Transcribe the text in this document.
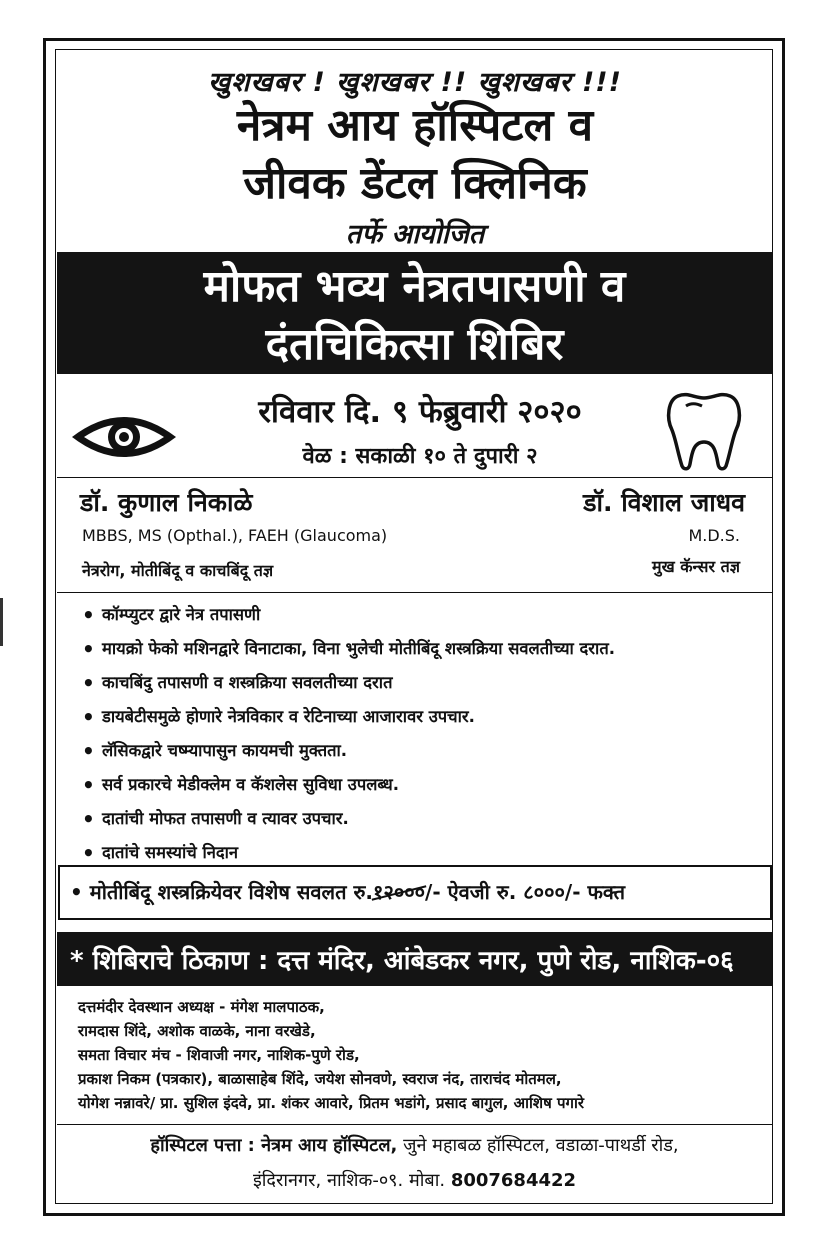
खुशखबर ! खुशखबर !! खुशखबर !!!
नेत्रम आय हॉस्पिटल व
जीवक डेंटल क्लिनिक
तर्फे आयोजित
मोफत भव्य नेत्रतपासणी व
दंतचिकित्सा शिबिर
रविवार दि. ९ फेब्रुवारी २०२०
वेळ : सकाळी १० ते दुपारी २
डॉ. कुणाल निकाळे
MBBS, MS (Opthal.), FAEH (Glaucoma)
नेत्ररोग, मोतीबिंदू व काचबिंदू तज्ञ
डॉ. विशाल जाधव
M.D.S.
मुख कॅन्सर तज्ञ
• कॉम्प्युटर द्वारे नेत्र तपासणी
• मायक्रो फेको मशिनद्वारे विनाटाका, विना भुलेची मोतीबिंदू शस्त्रक्रिया सवलतीच्या दरात.
• काचबिंदु तपासणी व शस्त्रक्रिया सवलतीच्या दरात
• डायबेटीसमुळे होणारे नेत्रविकार व रेटिनाच्या आजारावर उपचार.
• लॅसिकद्वारे चष्म्यापासुन कायमची मुक्तता.
• सर्व प्रकारचे मेडीक्लेम व कॅशलेस सुविधा उपलब्ध.
• दातांची मोफत तपासणी व त्यावर उपचार.
• दातांचे समस्यांचे निदान
• मोतीबिंदू शस्त्रक्रियेवर विशेष सवलत रु.१२०००/- ऐवजी रु. ८०००/- फक्त
* शिबिराचे ठिकाण : दत्त मंदिर, आंबेडकर नगर, पुणे रोड, नाशिक-०६
दत्तमंदीर देवस्थान अध्यक्ष - मंगेश मालपाठक,
रामदास शिंदे, अशोक वाळके, नाना वरखेडे,
समता विचार मंच - शिवाजी नगर, नाशिक-पुणे रोड,
प्रकाश निकम (पत्रकार), बाळासाहेब शिंदे, जयेश सोनवणे, स्वराज नंद, ताराचंद मोतमल,
योगेश नन्नावरे/ प्रा. सुशिल इंदवे, प्रा. शंकर आवारे, प्रितम भडांगे, प्रसाद बागुल, आशिष पगारे
हॉस्पिटल पत्ता : नेत्रम आय हॉस्पिटल, जुने महाबळ हॉस्पिटल, वडाळा-पाथर्डी रोड,
इंदिरानगर, नाशिक-०९. मोबा. 8007684422
